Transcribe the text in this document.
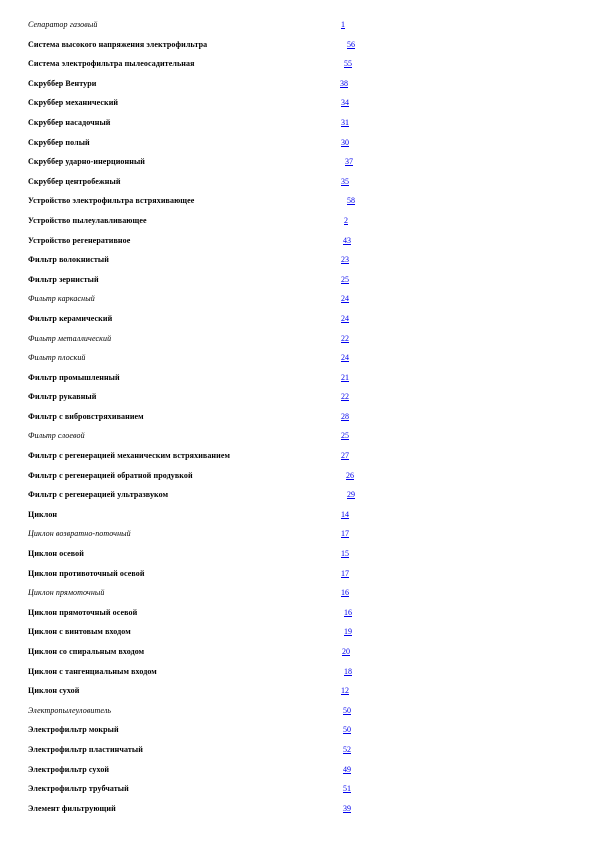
Сепаратор газовый	1
Система высокого напряжения электрофильтра	56
Система электрофильтра пылеосадительная	55
Скруббер Вентури	38
Скруббер механический	34
Скруббер насадочный	31
Скруббер полый	30
Скруббер ударно-инерционный	37
Скруббер центробежный	35
Устройство электрофильтра встряхивающее	58
Устройство пылеулавливающее	2
Устройство регенеративное	43
Фильтр волокнистый	23
Фильтр зернистый	25
Фильтр каркасный	24
Фильтр керамический	24
Фильтр металлический	22
Фильтр плоский	24
Фильтр промышленный	21
Фильтр рукавный	22
Фильтр с вибровстряхиванием	28
Фильтр слоевой	25
Фильтр с регенерацией механическим встряхиванием	27
Фильтр с регенерацией обратной продувкой	26
Фильтр с регенерацией ультразвуком	29
Циклон	14
Циклон возвратно-поточный	17
Циклон осевой	15
Циклон противоточный осевой	17
Циклон прямоточный	16
Циклон прямоточный осевой	16
Циклон с винтовым входом	19
Циклон со спиральным входом	20
Циклон с тангенциальным входом	18
Циклон сухой	12
Электропылеуловитель	50
Электрофильтр мокрый	50
Электрофильтр пластинчатый	52
Электрофильтр сухой	49
Электрофильтр трубчатый	51
Элемент фильтрующий	39
